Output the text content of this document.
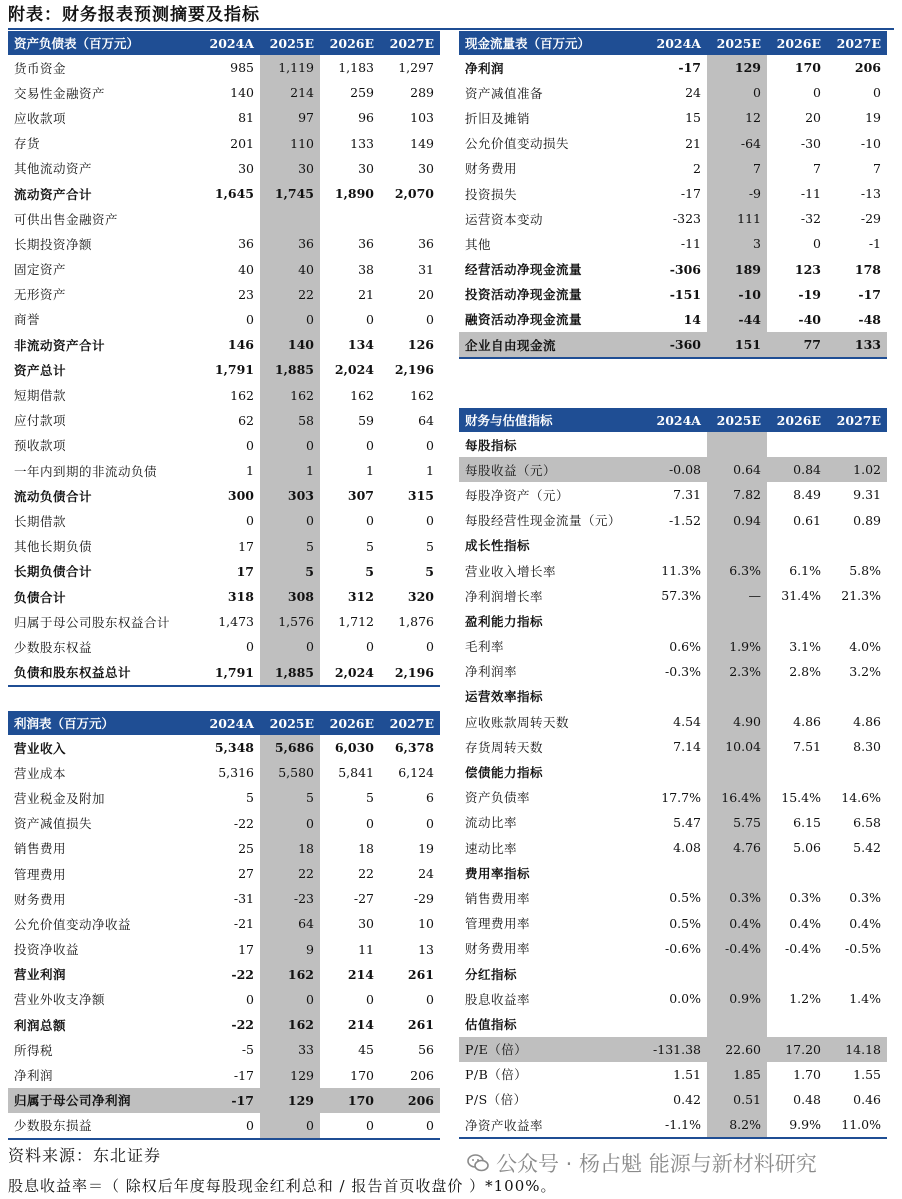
附表：财务报表预测摘要及指标
资产负债表（百万元）	2024A	2025E	2026E	2027E
货币资金	985	1,119	1,183	1,297
交易性金融资产	140	214	259	289
应收款项	81	97	96	103
存货	201	110	133	149
其他流动资产	30	30	30	30
流动资产合计	1,645	1,745	1,890	2,070
可供出售金融资产				
长期投资净额	36	36	36	36
固定资产	40	40	38	31
无形资产	23	22	21	20
商誉	0	0	0	0
非流动资产合计	146	140	134	126
资产总计	1,791	1,885	2,024	2,196
短期借款	162	162	162	162
应付款项	62	58	59	64
预收款项	0	0	0	0
一年内到期的非流动负债	1	1	1	1
流动负债合计	300	303	307	315
长期借款	0	0	0	0
其他长期负债	17	5	5	5
长期负债合计	17	5	5	5
负债合计	318	308	312	320
归属于母公司股东权益合计	1,473	1,576	1,712	1,876
少数股东权益	0	0	0	0
负债和股东权益总计	1,791	1,885	2,024	2,196
利润表（百万元）	2024A	2025E	2026E	2027E
营业收入	5,348	5,686	6,030	6,378
营业成本	5,316	5,580	5,841	6,124
营业税金及附加	5	5	5	6
资产减值损失	-22	0	0	0
销售费用	25	18	18	19
管理费用	27	22	22	24
财务费用	-31	-23	-27	-29
公允价值变动净收益	-21	64	30	10
投资净收益	17	9	11	13
营业利润	-22	162	214	261
营业外收支净额	0	0	0	0
利润总额	-22	162	214	261
所得税	-5	33	45	56
净利润	-17	129	170	206
归属于母公司净利润	-17	129	170	206
少数股东损益	0	0	0	0
现金流量表（百万元）	2024A	2025E	2026E	2027E
净利润	-17	129	170	206
资产减值准备	24	0	0	0
折旧及摊销	15	12	20	19
公允价值变动损失	21	-64	-30	-10
财务费用	2	7	7	7
投资损失	-17	-9	-11	-13
运营资本变动	-323	111	-32	-29
其他	-11	3	0	-1
经营活动净现金流量	-306	189	123	178
投资活动净现金流量	-151	-10	-19	-17
融资活动净现金流量	14	-44	-40	-48
企业自由现金流	-360	151	77	133
财务与估值指标	2024A	2025E	2026E	2027E
每股指标				
每股收益（元）	-0.08	0.64	0.84	1.02
每股净资产（元）	7.31	7.82	8.49	9.31
每股经营性现金流量（元）	-1.52	0.94	0.61	0.89
成长性指标				
营业收入增长率	11.3%	6.3%	6.1%	5.8%
净利润增长率	57.3%	—	31.4%	21.3%
盈利能力指标				
毛利率	0.6%	1.9%	3.1%	4.0%
净利润率	-0.3%	2.3%	2.8%	3.2%
运营效率指标				
应收账款周转天数	4.54	4.90	4.86	4.86
存货周转天数	7.14	10.04	7.51	8.30
偿债能力指标				
资产负债率	17.7%	16.4%	15.4%	14.6%
流动比率	5.47	5.75	6.15	6.58
速动比率	4.08	4.76	5.06	5.42
费用率指标				
销售费用率	0.5%	0.3%	0.3%	0.3%
管理费用率	0.5%	0.4%	0.4%	0.4%
财务费用率	-0.6%	-0.4%	-0.4%	-0.5%
分红指标				
股息收益率	0.0%	0.9%	1.2%	1.4%
估值指标				
P/E（倍）	-131.38	22.60	17.20	14.18
P/B（倍）	1.51	1.85	1.70	1.55
P/S（倍）	0.42	0.51	0.48	0.46
净资产收益率	-1.1%	8.2%	9.9%	11.0%
资料来源：东北证券
股息收益率＝（ 除权后年度每股现金红利总和 / 报告首页收盘价 ）*100%。
公众号 · 杨占魁 能源与新材料研究
